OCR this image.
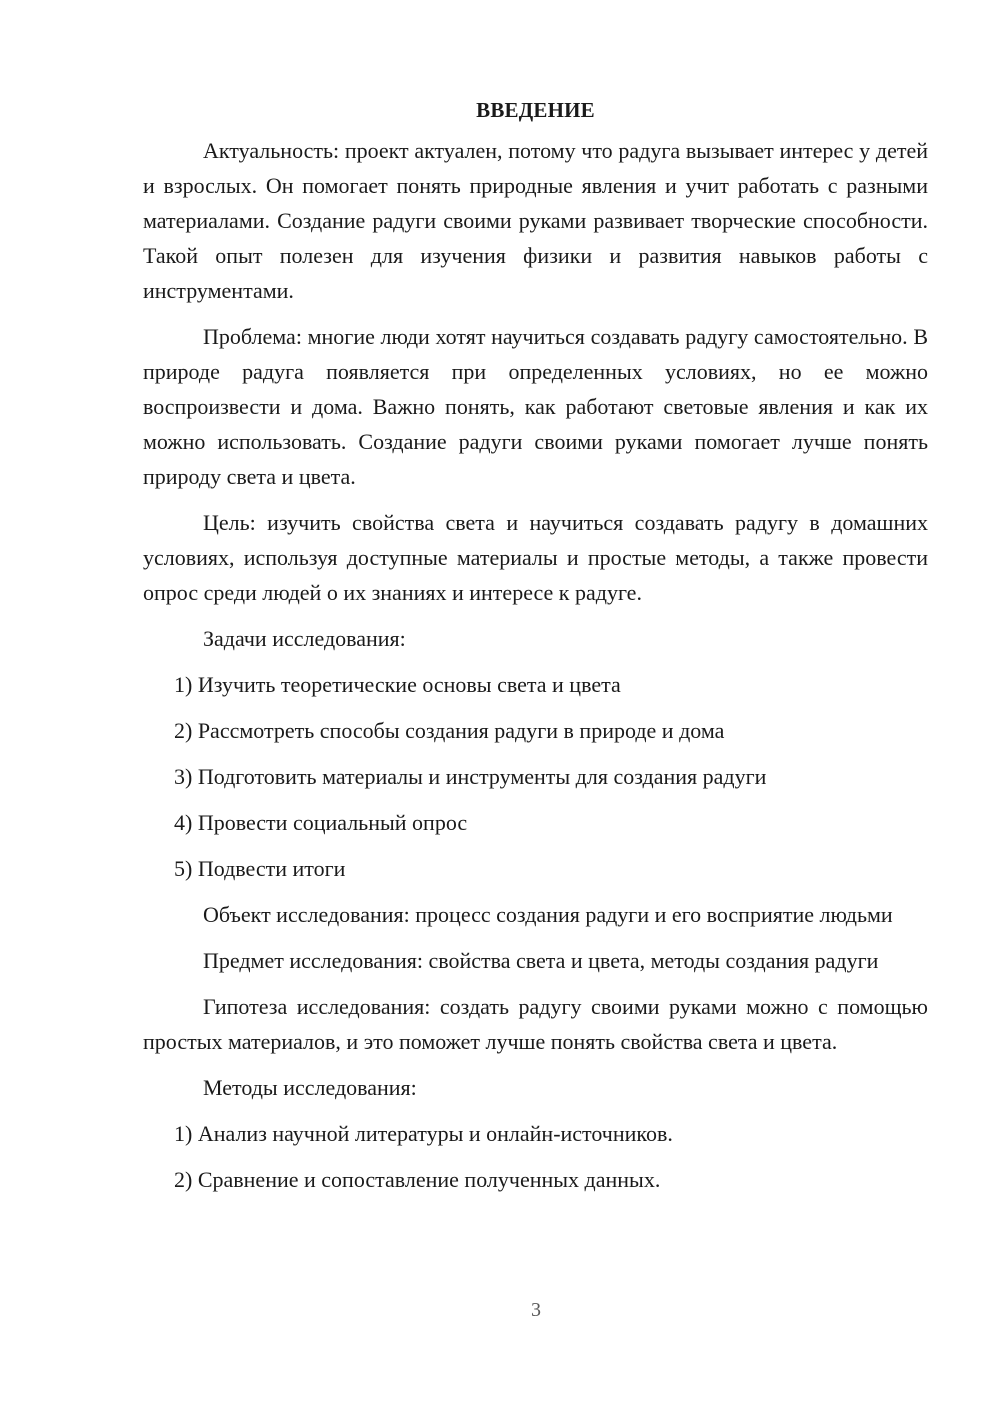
ВВЕДЕНИЕ

Актуальность: проект актуален, потому что радуга вызывает интерес у детей и взрослых. Он помогает понять природные явления и учит работать с разными материалами. Создание радуги своими руками развивает творческие способности. Такой опыт полезен для изучения физики и развития навыков работы с инструментами.

Проблема: многие люди хотят научиться создавать радугу самостоятельно. В природе радуга появляется при определенных условиях, но ее можно воспроизвести и дома. Важно понять, как работают световые явления и как их можно использовать. Создание радуги своими руками помогает лучше понять природу света и цвета.

Цель: изучить свойства света и научиться создавать радугу в домашних условиях, используя доступные материалы и простые методы, а также провести опрос среди людей о их знаниях и интересе к радуге.

Задачи исследования:

1) Изучить теоретические основы света и цвета

2) Рассмотреть способы создания радуги в природе и дома

3) Подготовить материалы и инструменты для создания радуги

4) Провести социальный опрос

5) Подвести итоги

Объект исследования: процесс создания радуги и его восприятие людьми

Предмет исследования: свойства света и цвета, методы создания радуги

Гипотеза исследования: создать радугу своими руками можно с помощью простых материалов, и это поможет лучше понять свойства света и цвета.

Методы исследования:

1) Анализ научной литературы и онлайн-источников.

2) Сравнение и сопоставление полученных данных.

3
